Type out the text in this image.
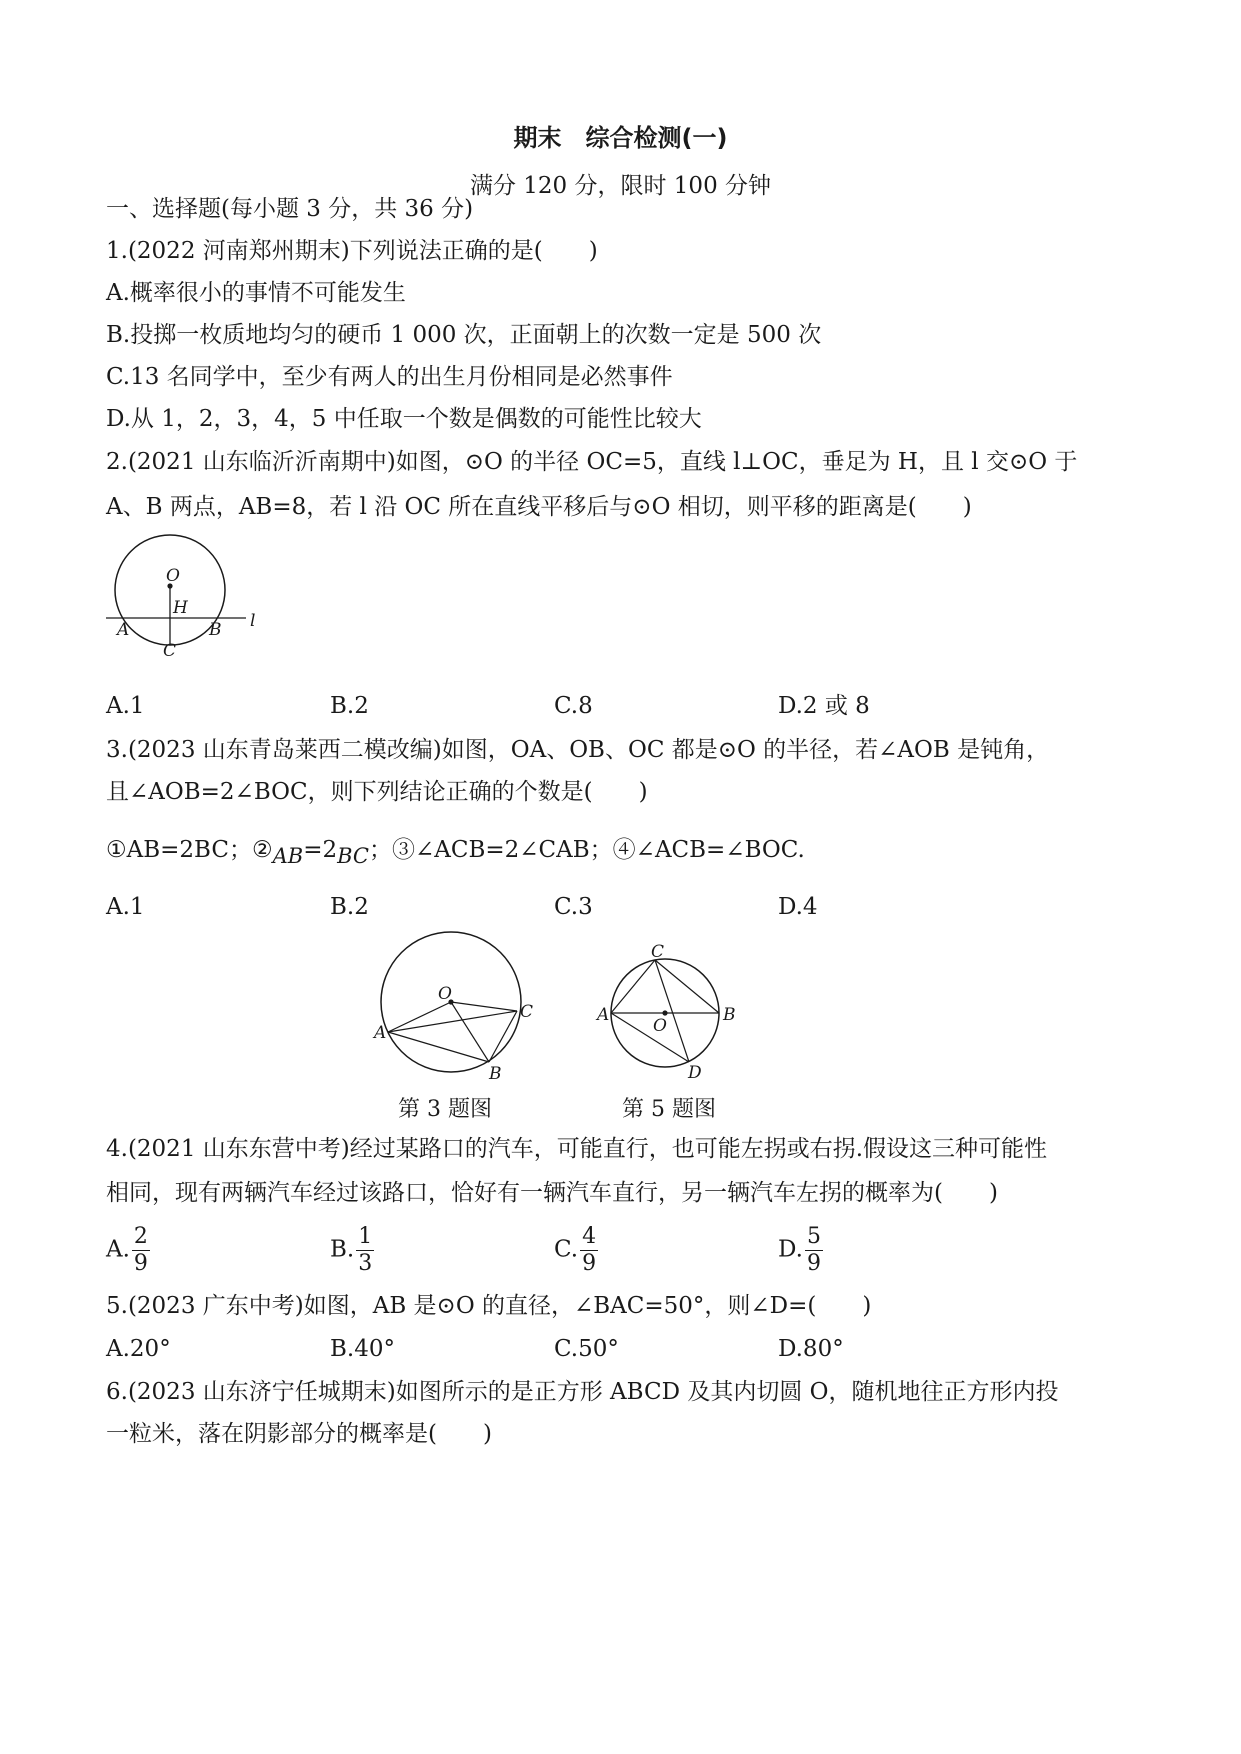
期末　综合检测(一)
满分 120 分，限时 100 分钟
一、选择题(每小题 3 分，共 36 分)
1.(2022 河南郑州期末)下列说法正确的是(　　)
A.概率很小的事情不可能发生
B.投掷一枚质地均匀的硬币 1 000 次，正面朝上的次数一定是 500 次
C.13 名同学中，至少有两人的出生月份相同是必然事件
D.从 1，2，3，4，5 中任取一个数是偶数的可能性比较大
2.(2021 山东临沂沂南期中)如图，⊙O 的半径 OC=5，直线 l⊥OC，垂足为 H，且 l 交⊙O 于
A、B 两点，AB=8，若 l 沿 OC 所在直线平移后与⊙O 相切，则平移的距离是(　　)
O
H
A	B
C
l
A.1	B.2	C.8	D.2 或 8
3.(2023 山东青岛莱西二模改编)如图，OA、OB、OC 都是⊙O 的半径，若∠AOB 是钝角，
且∠AOB=2∠BOC，则下列结论正确的个数是(　　)
①AB=2BC；②AB=2BC；③∠ACB=2∠CAB；④∠ACB=∠BOC.
A.1	B.2	C.3	D.4
O
A
B
C
第 3 题图
C
A	B
O
D
第 5 题图
4.(2021 山东东营中考)经过某路口的汽车，可能直行，也可能左拐或右拐.假设这三种可能性
相同，现有两辆汽车经过该路口，恰好有一辆汽车直行，另一辆汽车左拐的概率为(　　)
A. $\frac{2}{9}$	B. $\frac{1}{3}$	C. $\frac{4}{9}$	D. $\frac{5}{9}$
5.(2023 广东中考)如图，AB 是⊙O 的直径，∠BAC=50°，则∠D=(　　)
A.20°	B.40°	C.50°	D.80°
6.(2023 山东济宁任城期末)如图所示的是正方形 ABCD 及其内切圆 O，随机地往正方形内投
一粒米，落在阴影部分的概率是(　　)
